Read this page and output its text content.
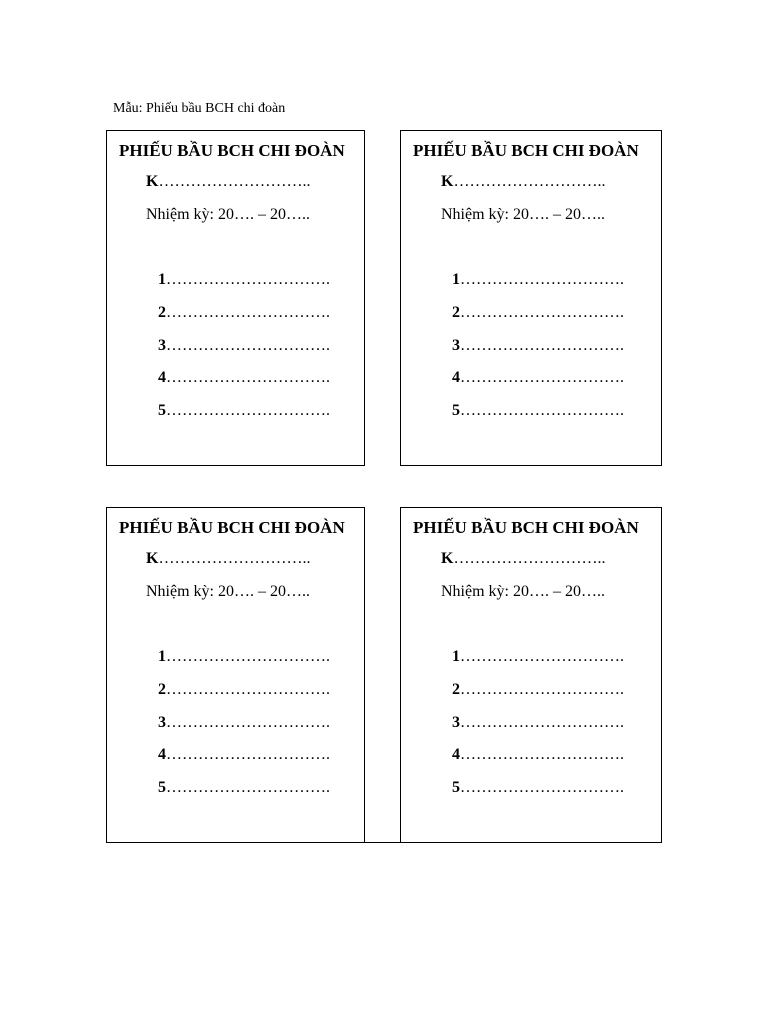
Mẫu: Phiếu bầu BCH chi đoàn
PHIẾU BẦU BCH CHI ĐOÀN
K………………………..
Nhiệm kỳ: 20…. – 20…..
1………………………….
2………………………….
3………………………….
4………………………….
5………………………….
PHIẾU BẦU BCH CHI ĐOÀN
K………………………..
Nhiệm kỳ: 20…. – 20…..
1………………………….
2………………………….
3………………………….
4………………………….
5………………………….
PHIẾU BẦU BCH CHI ĐOÀN
K………………………..
Nhiệm kỳ: 20…. – 20…..
1………………………….
2………………………….
3………………………….
4………………………….
5………………………….
PHIẾU BẦU BCH CHI ĐOÀN
K………………………..
Nhiệm kỳ: 20…. – 20…..
1………………………….
2………………………….
3………………………….
4………………………….
5………………………….
